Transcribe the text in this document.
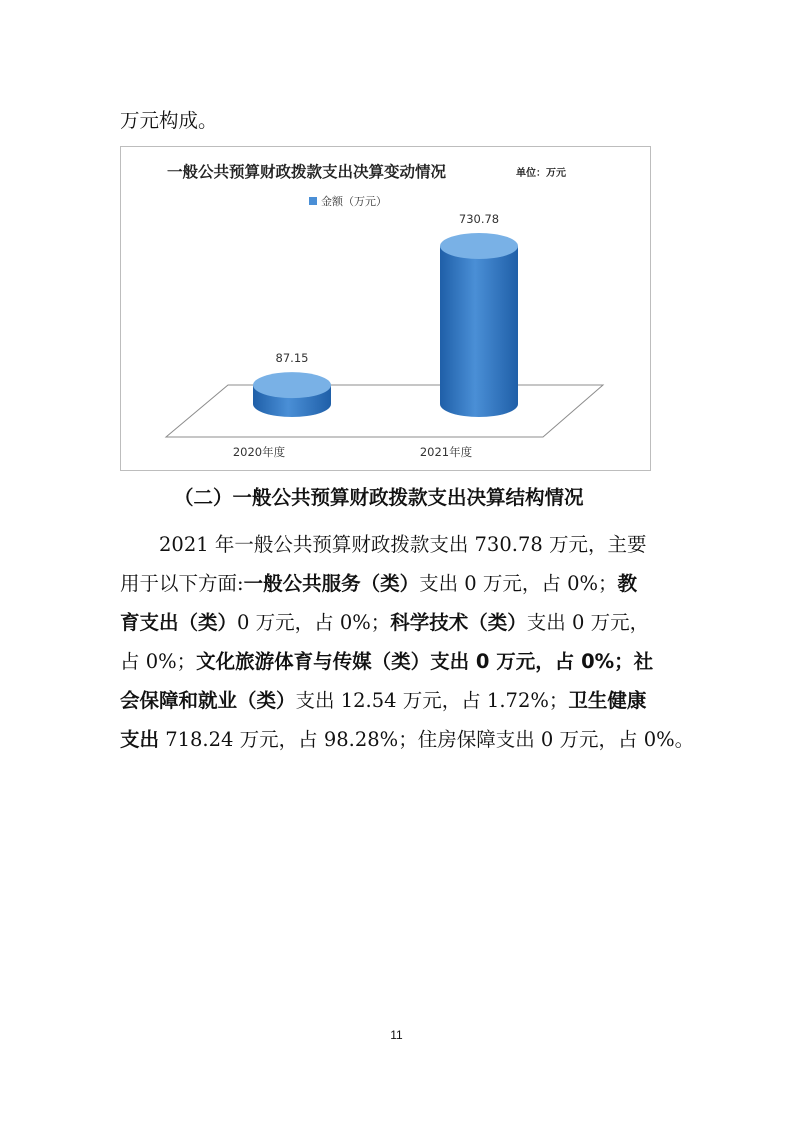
万元构成。
一般公共预算财政拨款支出决算变动情况	单位：万元
金额（万元）
87.15
730.78
2020年度	2021年度
（二）一般公共预算财政拨款支出决算结构情况
　　2021 年一般公共预算财政拨款支出 730.78 万元，主要
用于以下方面:一般公共服务（类）支出 0 万元，占 0%；教
育支出（类）0 万元，占 0%；科学技术（类）支出 0 万元，
占 0%；文化旅游体育与传媒（类）支出 0 万元，占 0%；社
会保障和就业（类）支出 12.54 万元，占 1.72%；卫生健康
支出 718.24 万元，占 98.28%；住房保障支出 0 万元，占 0%。
11
